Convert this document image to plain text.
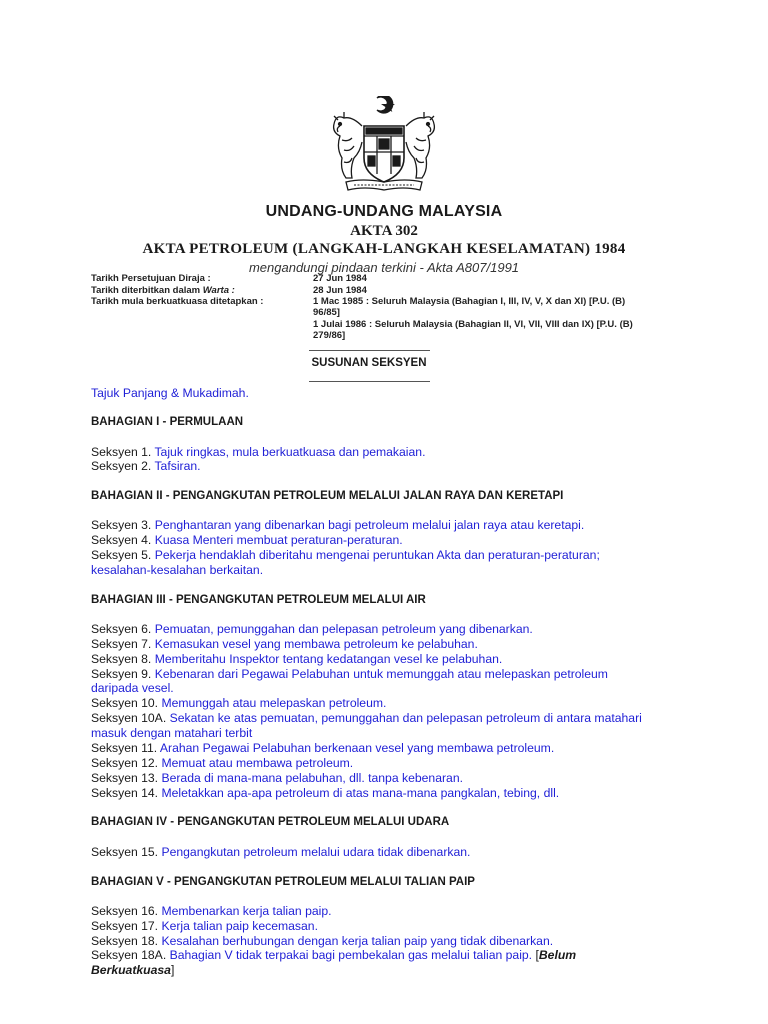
UNDANG-UNDANG MALAYSIA
AKTA 302
AKTA PETROLEUM (LANGKAH-LANGKAH KESELAMATAN) 1984
mengandungi pindaan terkini - Akta A807/1991
Tarikh Persetujuan Diraja :
Tarikh diterbitkan dalam Warta :
Tarikh mula berkuatkuasa ditetapkan :
27 Jun 1984
28 Jun 1984
1 Mac 1985 : Seluruh Malaysia (Bahagian I, III, IV, V, X dan XI) [P.U. (B)
96/85]
1 Julai 1986 : Seluruh Malaysia (Bahagian II, VI, VII, VIII dan IX) [P.U. (B)
279/86]
SUSUNAN SEKSYEN
Tajuk Panjang & Mukadimah.
BAHAGIAN I - PERMULAAN
Seksyen 1. Tajuk ringkas, mula berkuatkuasa dan pemakaian.
Seksyen 2. Tafsiran.
BAHAGIAN II - PENGANGKUTAN PETROLEUM MELALUI JALAN RAYA DAN KERETAPI
Seksyen 3. Penghantaran yang dibenarkan bagi petroleum melalui jalan raya atau keretapi.
Seksyen 4. Kuasa Menteri membuat peraturan-peraturan.
Seksyen 5. Pekerja hendaklah diberitahu mengenai peruntukan Akta dan peraturan-peraturan;
kesalahan-kesalahan berkaitan.
BAHAGIAN III - PENGANGKUTAN PETROLEUM MELALUI AIR
Seksyen 6. Pemuatan, pemunggahan dan pelepasan petroleum yang dibenarkan.
Seksyen 7. Kemasukan vesel yang membawa petroleum ke pelabuhan.
Seksyen 8. Memberitahu Inspektor tentang kedatangan vesel ke pelabuhan.
Seksyen 9. Kebenaran dari Pegawai Pelabuhan untuk memunggah atau melepaskan petroleum
daripada vesel.
Seksyen 10. Memunggah atau melepaskan petroleum.
Seksyen 10A. Sekatan ke atas pemuatan, pemunggahan dan pelepasan petroleum di antara matahari
masuk dengan matahari terbit
Seksyen 11. Arahan Pegawai Pelabuhan berkenaan vesel yang membawa petroleum.
Seksyen 12. Memuat atau membawa petroleum.
Seksyen 13. Berada di mana-mana pelabuhan, dll. tanpa kebenaran.
Seksyen 14. Meletakkan apa-apa petroleum di atas mana-mana pangkalan, tebing, dll.
BAHAGIAN IV - PENGANGKUTAN PETROLEUM MELALUI UDARA
Seksyen 15. Pengangkutan petroleum melalui udara tidak dibenarkan.
BAHAGIAN V - PENGANGKUTAN PETROLEUM MELALUI TALIAN PAIP
Seksyen 16. Membenarkan kerja talian paip.
Seksyen 17. Kerja talian paip kecemasan.
Seksyen 18. Kesalahan berhubungan dengan kerja talian paip yang tidak dibenarkan.
Seksyen 18A. Bahagian V tidak terpakai bagi pembekalan gas melalui talian paip. [Belum
Berkuatkuasa]
